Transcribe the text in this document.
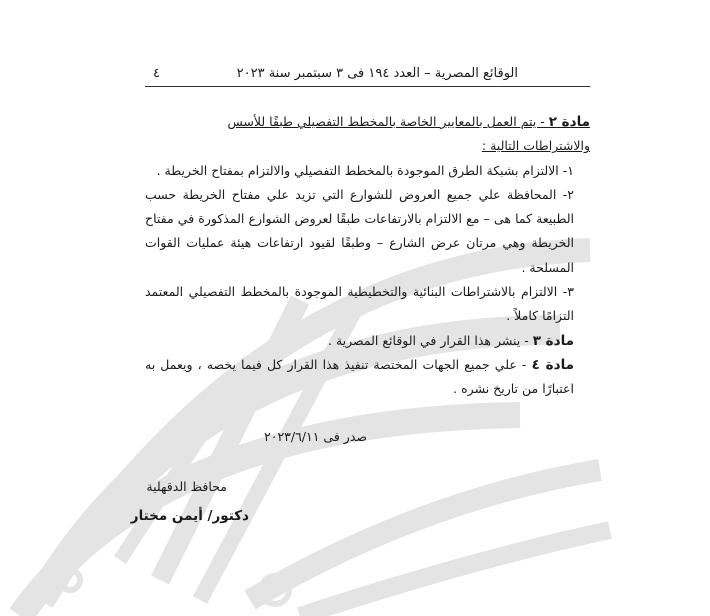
الوقائع المصرية – العدد ١٩٤ فى ٣ سبتمبر سنة ٢٠٢٣
٤

مادة ٢ - يتم العمل بالمعايير الخاصة بالمخطط التفصيلي طبقًا للأسس
والاشتراطات التالية :

١- الالتزام بشبكة الطرق الموجودة بالمخطط التفصيلي والالتزام بمفتاح الخريطة .

٢- المحافظة علي جميع العروض للشوارع التي تزيد علي مفتاح الخريطة حسب الطبيعة كما هى – مع الالتزام بالارتفاعات طبقًا لعروض الشوارع المذكورة في مفتاح الخريطة وهي مرتان عرض الشارع – وطبقًا لقيود ارتفاعات هيئة عمليات القوات المسلحة .

٣- الالتزام بالاشتراطات البنائية والتخطيطية الموجودة بالمخطط التفصيلي المعتمد التزامًا كاملاً .

مادة ٣ - ينشر هذا القرار في الوقائع المصرية .

مادة ٤ - علي جميع الجهات المختصة تنفيذ هذا القرار كل فيما يخصه ، ويعمل به اعتبارًا من تاريخ نشره .

صدر فى ٢٠٢٣/٦/١١
محافظ الدقهلية
دكتور/ أيمن مختار
